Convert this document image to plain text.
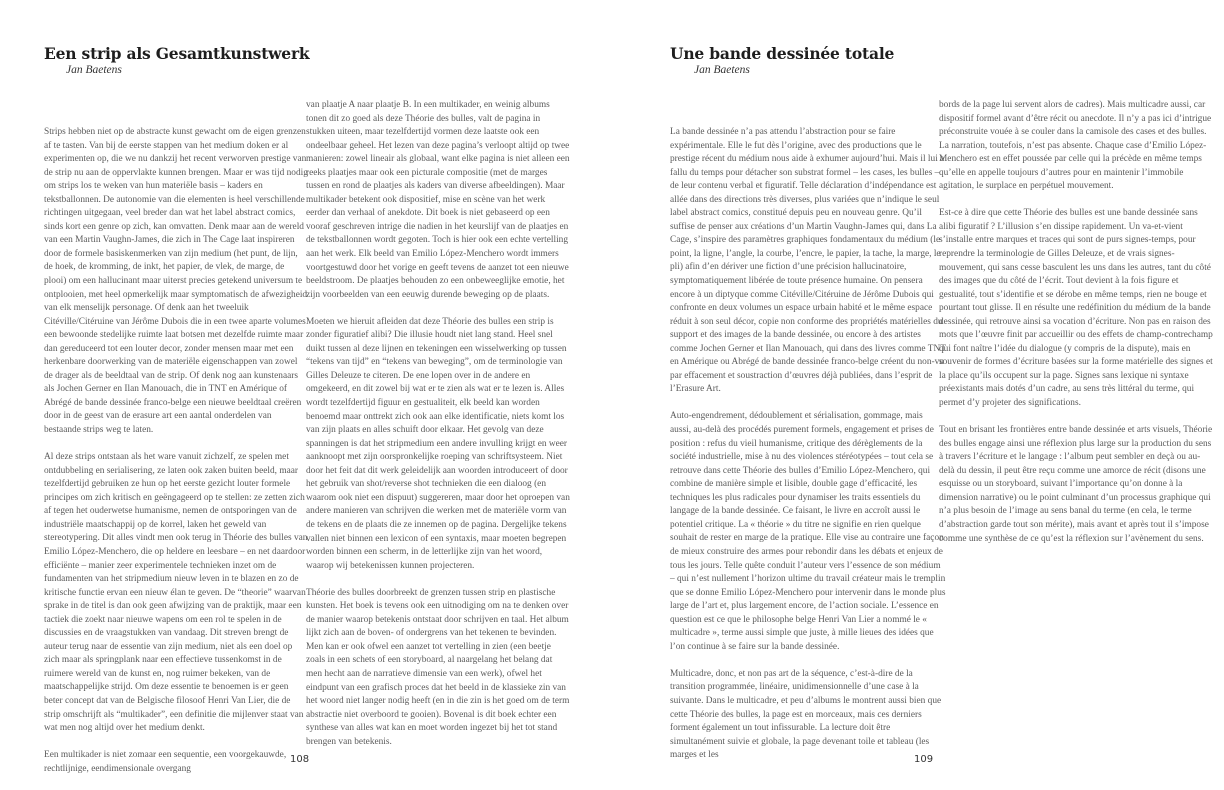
Een strip als Gesamtkunstwerk
Jan Baetens

Strips hebben niet op de abstracte kunst gewacht om de eigen grenzen af te tasten. Van bij de eerste stappen van het medium doken er al experimenten op, die we nu dankzij het recent verworven prestige van de strip nu aan de oppervlakte kunnen brengen. Maar er was tijd nodig om strips los te weken van hun materiële basis – kaders en tekstballonnen. De autonomie van die elementen is heel verschillende richtingen uitgegaan, veel breder dan wat het label abstract comics, sinds kort een genre op zich, kan omvatten. Denk maar aan de wereld van een Martin Vaughn-James, die zich in The Cage laat inspireren door de formele basiskenmerken van zijn medium (het punt, de lijn, de hoek, de kromming, de inkt, het papier, de vlek, de marge, de plooi) om een hallucinant maar uiterst precies getekend universum te ontplooien, met heel opmerkelijk maar symptomatisch de afwezigheid van elk menselijk personage. Of denk aan het tweeluik Citéville/Citéruine van Jérôme Dubois die in een twee aparte volumes een bewoonde stedelijke ruimte laat botsen met dezelfde ruimte maar dan gereduceerd tot een louter decor, zonder mensen maar met een herkenbare doorwerking van de materiële eigenschappen van zowel de drager als de beeldtaal van de strip. Of denk nog aan kunstenaars als Jochen Gerner en Ilan Manouach, die in TNT en Amérique of Abrégé de bande dessinée franco-belge een nieuwe beeldtaal creëren door in de geest van de erasure art een aantal onderdelen van bestaande strips weg te laten.

Al deze strips ontstaan als het ware vanuit zichzelf, ze spelen met ontdubbeling en serialisering, ze laten ook zaken buiten beeld, maar tezelfdertijd gebruiken ze hun op het eerste gezicht louter formele principes om zich kritisch en geëngageerd op te stellen: ze zetten zich af tegen het ouderwetse humanisme, nemen de ontsporingen van de industriële maatschappij op de korrel, laken het geweld van stereotypering. Dit alles vindt men ook terug in Théorie des bulles van Emilio López-Menchero, die op heldere en leesbare – en net daardoor efficiënte – manier zeer experimentele technieken inzet om de fundamenten van het stripmedium nieuw leven in te blazen en zo de kritische functie ervan een nieuw élan te geven. De “theorie” waarvan sprake in de titel is dan ook geen afwijzing van de praktijk, maar een tactiek die zoekt naar nieuwe wapens om een rol te spelen in de discussies en de vraagstukken van vandaag. Dit streven brengt de auteur terug naar de essentie van zijn medium, niet als een doel op zich maar als springplank naar een effectieve tussenkomst in de ruimere wereld van de kunst en, nog ruimer bekeken, van de maatschappelijke strijd. Om deze essentie te benoemen is er geen beter concept dat van de Belgische filosoof Henri Van Lier, die de strip omschrijft als “multikader”, een definitie die mijlenver staat van wat men nog altijd over het medium denkt.

Een multikader is niet zomaar een sequentie, een voorgekauwde, rechtlijnige, eendimensionale overgang

van plaatje A naar plaatje B. In een multikader, en weinig albums tonen dit zo goed als deze Théorie des bulles, valt de pagina in stukken uiteen, maar tezelfdertijd vormen deze laatste ook een ondeelbaar geheel. Het lezen van deze pagina’s verloopt altijd op twee manieren: zowel lineair als globaal, want elke pagina is niet alleen een reeks plaatjes maar ook een picturale compositie (met de marges tussen en rond de plaatjes als kaders van diverse afbeeldingen). Maar multikader betekent ook dispositief, mise en scène van het werk eerder dan verhaal of anekdote. Dit boek is niet gebaseerd op een vooraf geschreven intrige die nadien in het keurslijf van de plaatjes en de tekstballonnen wordt gegoten. Toch is hier ook een echte vertelling aan het werk. Elk beeld van Emilio López-Menchero wordt immers voortgestuwd door het vorige en geeft tevens de aanzet tot een nieuwe beeldstroom. De plaatjes behouden zo een onbeweeglijke emotie, het zijn voorbeelden van een eeuwig durende beweging op de plaats.

Moeten we hieruit afleiden dat deze Théorie des bulles een strip is zonder figuratief alibi? Die illusie houdt niet lang stand. Heel snel duikt tussen al deze lijnen en tekeningen een wisselwerking op tussen “tekens van tijd” en “tekens van beweging”, om de terminologie van Gilles Deleuze te citeren. De ene lopen over in de andere en omgekeerd, en dit zowel bij wat er te zien als wat er te lezen is. Alles wordt tezelfdertijd figuur en gestualiteit, elk beeld kan worden benoemd maar onttrekt zich ook aan elke identificatie, niets komt los van zijn plaats en alles schuift door elkaar. Het gevolg van deze spanningen is dat het stripmedium een andere invulling krijgt en weer aanknoopt met zijn oorspronkelijke roeping van schriftsysteem. Niet door het feit dat dit werk geleidelijk aan woorden introduceert of door het gebruik van shot/reverse shot technieken die een dialoog (en waarom ook niet een dispuut) suggereren, maar door het oproepen van andere manieren van schrijven die werken met de materiële vorm van de tekens en de plaats die ze innemen op de pagina. Dergelijke tekens vallen niet binnen een lexicon of een syntaxis, maar moeten begrepen worden binnen een scherm, in de letterlijke zijn van het woord, waarop wij betekenissen kunnen projecteren.

Théorie des bulles doorbreekt de grenzen tussen strip en plastische kunsten. Het boek is tevens ook een uitnodiging om na te denken over de manier waarop betekenis ontstaat door schrijven en taal. Het album lijkt zich aan de boven- of ondergrens van het tekenen te bevinden. Men kan er ook ofwel een aanzet tot vertelling in zien (een beetje zoals in een schets of een storyboard, al naargelang het belang dat men hecht aan de narratieve dimensie van een werk), ofwel het eindpunt van een grafisch proces dat het beeld in de klassieke zin van het woord niet langer nodig heeft (en in die zin is het goed om de term abstractie niet overboord te gooien). Bovenal is dit boek echter een synthese van alles wat kan en moet worden ingezet bij het tot stand brengen van betekenis.

108
Une bande dessinée totale
Jan Baetens

La bande dessinée n’a pas attendu l’abstraction pour se faire expérimentale. Elle le fut dès l’origine, avec des productions que le prestige récent du médium nous aide à exhumer aujourd’hui. Mais il lui a fallu du temps pour détacher son substrat formel – les cases, les bulles – de leur contenu verbal et figuratif. Telle déclaration d’indépendance est allée dans des directions très diverses, plus variées que n’indique le seul label abstract comics, constitué depuis peu en nouveau genre. Qu’il suffise de penser aux créations d’un Martin Vaughn-James qui, dans La Cage, s’inspire des paramètres graphiques fondamentaux du médium (le point, la ligne, l’angle, la courbe, l’encre, le papier, la tache, la marge, le pli) afin d’en dériver une fiction d’une précision hallucinatoire, symptomatiquement libérée de toute présence humaine. On pensera encore à un diptyque comme Citéville/Citéruine de Jérôme Dubois qui confronte en deux volumes un espace urbain habité et le même espace réduit à son seul décor, copie non conforme des propriétés matérielles du support et des images de la bande dessinée, ou encore à des artistes comme Jochen Gerner et Ilan Manouach, qui dans des livres comme TNT en Amérique ou Abrégé de bande dessinée franco-belge créent du non-vu par effacement et soustraction d’œuvres déjà publiées, dans l’esprit de l’Erasure Art.

Auto-engendrement, dédoublement et sérialisation, gommage, mais aussi, au-delà des procédés purement formels, engagement et prises de position : refus du vieil humanisme, critique des dérèglements de la société industrielle, mise à nu des violences stéréotypées – tout cela se retrouve dans cette Théorie des bulles d’Emilio López-Menchero, qui combine de manière simple et lisible, double gage d’efficacité, les techniques les plus radicales pour dynamiser les traits essentiels du langage de la bande dessinée. Ce faisant, le livre en accroît aussi le potentiel critique. La « théorie » du titre ne signifie en rien quelque souhait de rester en marge de la pratique. Elle vise au contraire une façon de mieux construire des armes pour rebondir dans les débats et enjeux de tous les jours. Telle quête conduit l’auteur vers l’essence de son médium – qui n’est nullement l’horizon ultime du travail créateur mais le tremplin que se donne Emilio López-Menchero pour intervenir dans le monde plus large de l’art et, plus largement encore, de l’action sociale. L’essence en question est ce que le philosophe belge Henri Van Lier a nommé le « multicadre », terme aussi simple que juste, à mille lieues des idées que l’on continue à se faire sur la bande dessinée.

Multicadre, donc, et non pas art de la séquence, c’est-à-dire de la transition programmée, linéaire, unidimensionnelle d’une case à la suivante. Dans le multicadre, et peu d’albums le montrent aussi bien que cette Théorie des bulles, la page est en morceaux, mais ces derniers forment également un tout infissurable. La lecture doit être simultanément suivie et globale, la page devenant toile et tableau (les marges et les

bords de la page lui servent alors de cadres). Mais multicadre aussi, car dispositif formel avant d’être récit ou anecdote. Il n’y a pas ici d’intrigue préconstruite vouée à se couler dans la camisole des cases et des bulles. La narration, toutefois, n’est pas absente. Chaque case d’Emilio López-Menchero est en effet poussée par celle qui la précède en même temps qu’elle en appelle toujours d’autres pour en maintenir l’immobile agitation, le surplace en perpétuel mouvement.

Est-ce à dire que cette Théorie des bulles est une bande dessinée sans alibi figuratif ? L’illusion s’en dissipe rapidement. Un va-et-vient s’installe entre marques et traces qui sont de purs signes-temps, pour reprendre la terminologie de Gilles Deleuze, et de vrais signes-mouvement, qui sans cesse basculent les uns dans les autres, tant du côté des images que du côté de l’écrit. Tout devient à la fois figure et gestualité, tout s’identifie et se dérobe en même temps, rien ne bouge et pourtant tout glisse. Il en résulte une redéfinition du médium de la bande dessinée, qui retrouve ainsi sa vocation d’écriture. Non pas en raison des mots que l’œuvre finit par accueillir ou des effets de champ-contrechamp qui font naître l’idée du dialogue (y compris de la dispute), mais en souvenir de formes d’écriture basées sur la forme matérielle des signes et la place qu’ils occupent sur la page. Signes sans lexique ni syntaxe préexistants mais dotés d’un cadre, au sens très littéral du terme, qui permet d’y projeter des significations.

Tout en brisant les frontières entre bande dessinée et arts visuels, Théorie des bulles engage ainsi une réflexion plus large sur la production du sens à travers l’écriture et le langage : l’album peut sembler en deçà ou au-delà du dessin, il peut être reçu comme une amorce de récit (disons une esquisse ou un storyboard, suivant l’importance qu’on donne à la dimension narrative) ou le point culminant d’un processus graphique qui n’a plus besoin de l’image au sens banal du terme (en cela, le terme d’abstraction garde tout son mérite), mais avant et après tout il s’impose comme une synthèse de ce qu’est la réflexion sur l’avènement du sens.

109
